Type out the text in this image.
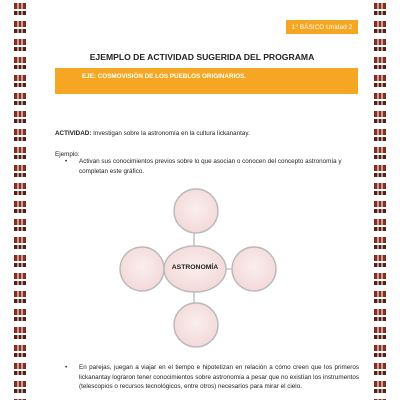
1° BÁSICO Unidad 2
EJEMPLO DE ACTIVIDAD SUGERIDA DEL PROGRAMA
EJE: COSMOVISIÓN DE LOS PUEBLOS ORIGINARIOS.
ACTIVIDAD: Investigan sobre la astronomía en la cultura lickanantay.
Ejemplo:
• Activan sus conocimientos previos sobre lo que asocian o conocen del concepto astronomía y completan este gráfico.
ASTRONOMÍA
• En parejas, juegan a viajar en el tiempo e hipotetizan en relación a cómo creen que los primeros lickanantay lograron tener conocimientos sobre astronomía a pesar que no existían los instrumentos (telescopios o recursos tecnológicos, entre otros) necesarios para mirar el cielo.
